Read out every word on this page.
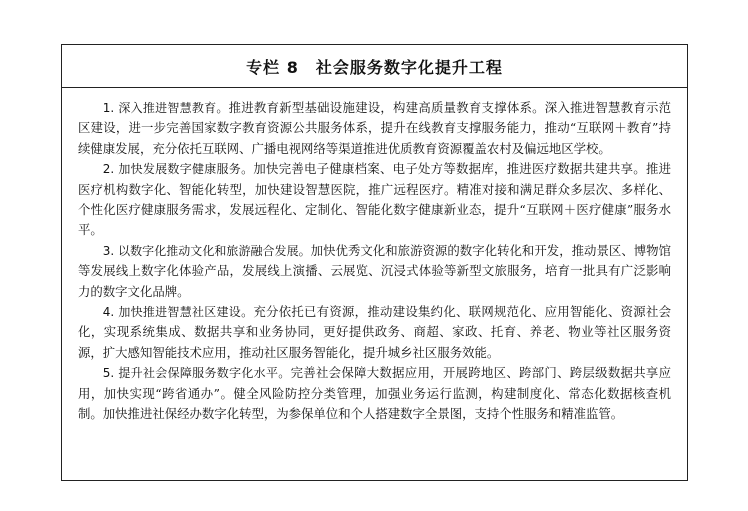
专栏 8　社会服务数字化提升工程

1. 深入推进智慧教育。推进教育新型基础设施建设，构建高质量教育支撑体系。深入推进智慧教育示范区建设，进一步完善国家数字教育资源公共服务体系，提升在线教育支撑服务能力，推动“互联网＋教育”持续健康发展，充分依托互联网、广播电视网络等渠道推进优质教育资源覆盖农村及偏远地区学校。

2. 加快发展数字健康服务。加快完善电子健康档案、电子处方等数据库，推进医疗数据共建共享。推进医疗机构数字化、智能化转型，加快建设智慧医院，推广远程医疗。精准对接和满足群众多层次、多样化、个性化医疗健康服务需求，发展远程化、定制化、智能化数字健康新业态，提升“互联网＋医疗健康”服务水平。

3. 以数字化推动文化和旅游融合发展。加快优秀文化和旅游资源的数字化转化和开发，推动景区、博物馆等发展线上数字化体验产品，发展线上演播、云展览、沉浸式体验等新型文旅服务，培育一批具有广泛影响力的数字文化品牌。

4. 加快推进智慧社区建设。充分依托已有资源，推动建设集约化、联网规范化、应用智能化、资源社会化，实现系统集成、数据共享和业务协同，更好提供政务、商超、家政、托育、养老、物业等社区服务资源，扩大感知智能技术应用，推动社区服务智能化，提升城乡社区服务效能。

5. 提升社会保障服务数字化水平。完善社会保障大数据应用，开展跨地区、跨部门、跨层级数据共享应用，加快实现“跨省通办”。健全风险防控分类管理，加强业务运行监测，构建制度化、常态化数据核查机制。加快推进社保经办数字化转型，为参保单位和个人搭建数字全景图，支持个性服务和精准监管。
